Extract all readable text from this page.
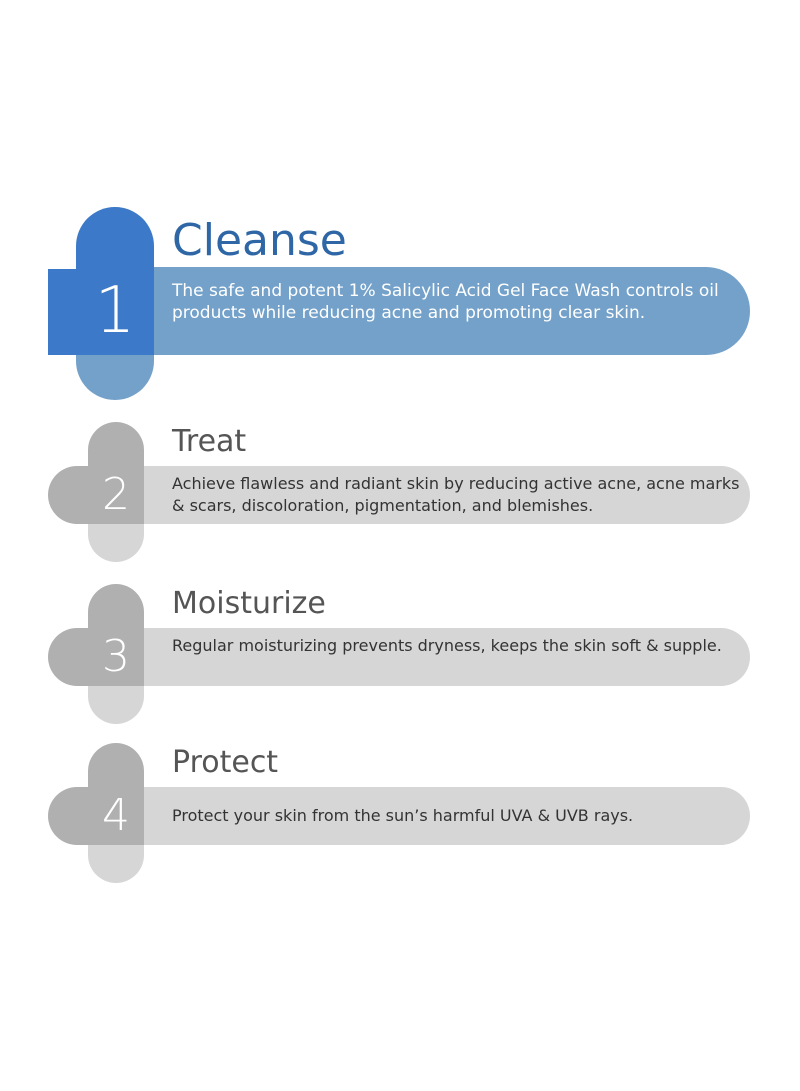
1
Cleanse

The safe and potent 1% Salicylic Acid Gel Face Wash controls oil products while reducing acne and promoting clear skin.

2
Treat

Achieve flawless and radiant skin by reducing active acne, acne marks & scars, discoloration, pigmentation, and blemishes.

3
Moisturize

Regular moisturizing prevents dryness, keeps the skin soft & supple.

4
Protect

Protect your skin from the sun’s harmful UVA & UVB rays.
